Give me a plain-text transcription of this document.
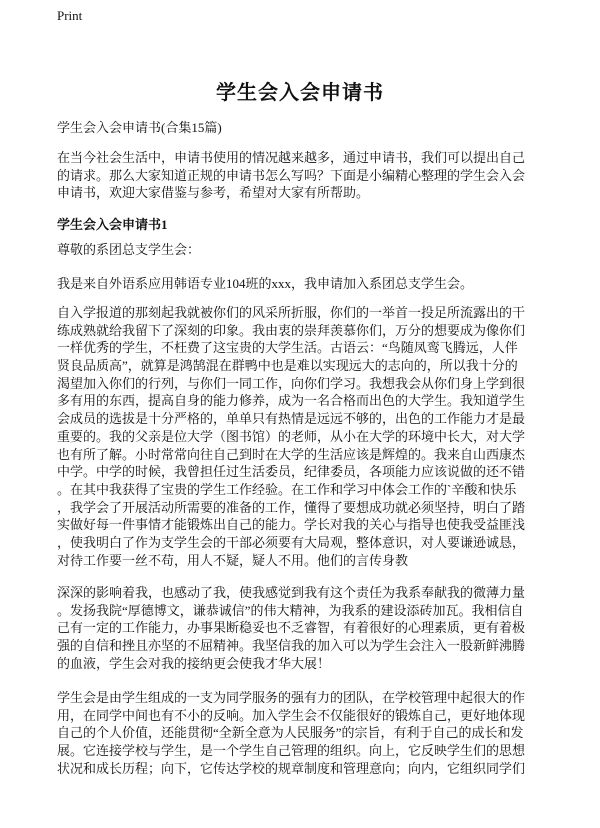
Print
学生会入会申请书
学生会入会申请书(合集15篇)
在当今社会生活中，申请书使用的情况越来越多，通过申请书，我们可以提出自己
的请求。那么大家知道正规的申请书怎么写吗？下面是小编精心整理的学生会入会
申请书，欢迎大家借鉴与参考，希望对大家有所帮助。
学生会入会申请书1
尊敬的系团总支学生会：
我是来自外语系应用韩语专业104班的xxx，我申请加入系团总支学生会。
自入学报道的那刻起我就被你们的风采所折服，你们的一举首一投足所流露出的干
练成熟就给我留下了深刻的印象。我由衷的崇拜羡慕你们，万分的想要成为像你们
一样优秀的学生，不枉费了这宝贵的大学生活。古语云：“鸟随凤鸾飞腾远，人伴
贤良品质高”，就算是鸿鹄混在群鸭中也是难以实现远大的志向的，所以我十分的
渴望加入你们的行列，与你们一同工作，向你们学习。我想我会从你们身上学到很
多有用的东西，提高自身的能力修养，成为一名合格而出色的大学生。我知道学生
会成员的选拔是十分严格的，单单只有热情是远远不够的，出色的工作能力才是最
重要的。我的父亲是位大学（图书馆）的老师，从小在大学的环境中长大，对大学
也有所了解。小时常常向往自己到时在大学的生活应该是辉煌的。我来自山西康杰
中学。中学的时候，我曾担任过生活委员，纪律委员，各项能力应该说做的还不错
。在其中我获得了宝贵的学生工作经验。在工作和学习中体会工作的`辛酸和快乐
，我学会了开展活动所需要的准备的工作，懂得了要想成功就必须坚持，明白了踏
实做好每一件事情才能锻炼出自己的能力。学长对我的关心与指导也使我受益匪浅
，使我明白了作为支学生会的干部必须要有大局观，整体意识，对人要谦逊诚恳，
对待工作要一丝不苟，用人不疑，疑人不用。他们的言传身教
深深的影响着我，也感动了我，使我感觉到我有这个责任为我系奉献我的微薄力量
。发扬我院“厚德博文，谦恭诚信”的伟大精神，为我系的建设添砖加瓦。我相信自
己有一定的工作能力，办事果断稳妥也不乏睿智，有着很好的心理素质，更有着极
强的自信和挫且亦坚的不屈精神。我坚信我的加入可以为学生会注入一股新鲜沸腾
的血液，学生会对我的接纳更会使我才华大展！
学生会是由学生组成的一支为同学服务的强有力的团队，在学校管理中起很大的作
用，在同学中间也有不小的反响。加入学生会不仅能很好的锻炼自己，更好地体现
自己的个人价值，还能贯彻“全新全意为人民服务”的宗旨，有利于自己的成长和发
展。它连接学校与学生，是一个学生自己管理的组织。向上，它反映学生们的思想
状况和成长历程；向下，它传达学校的规章制度和管理意向；向内，它组织同学们
